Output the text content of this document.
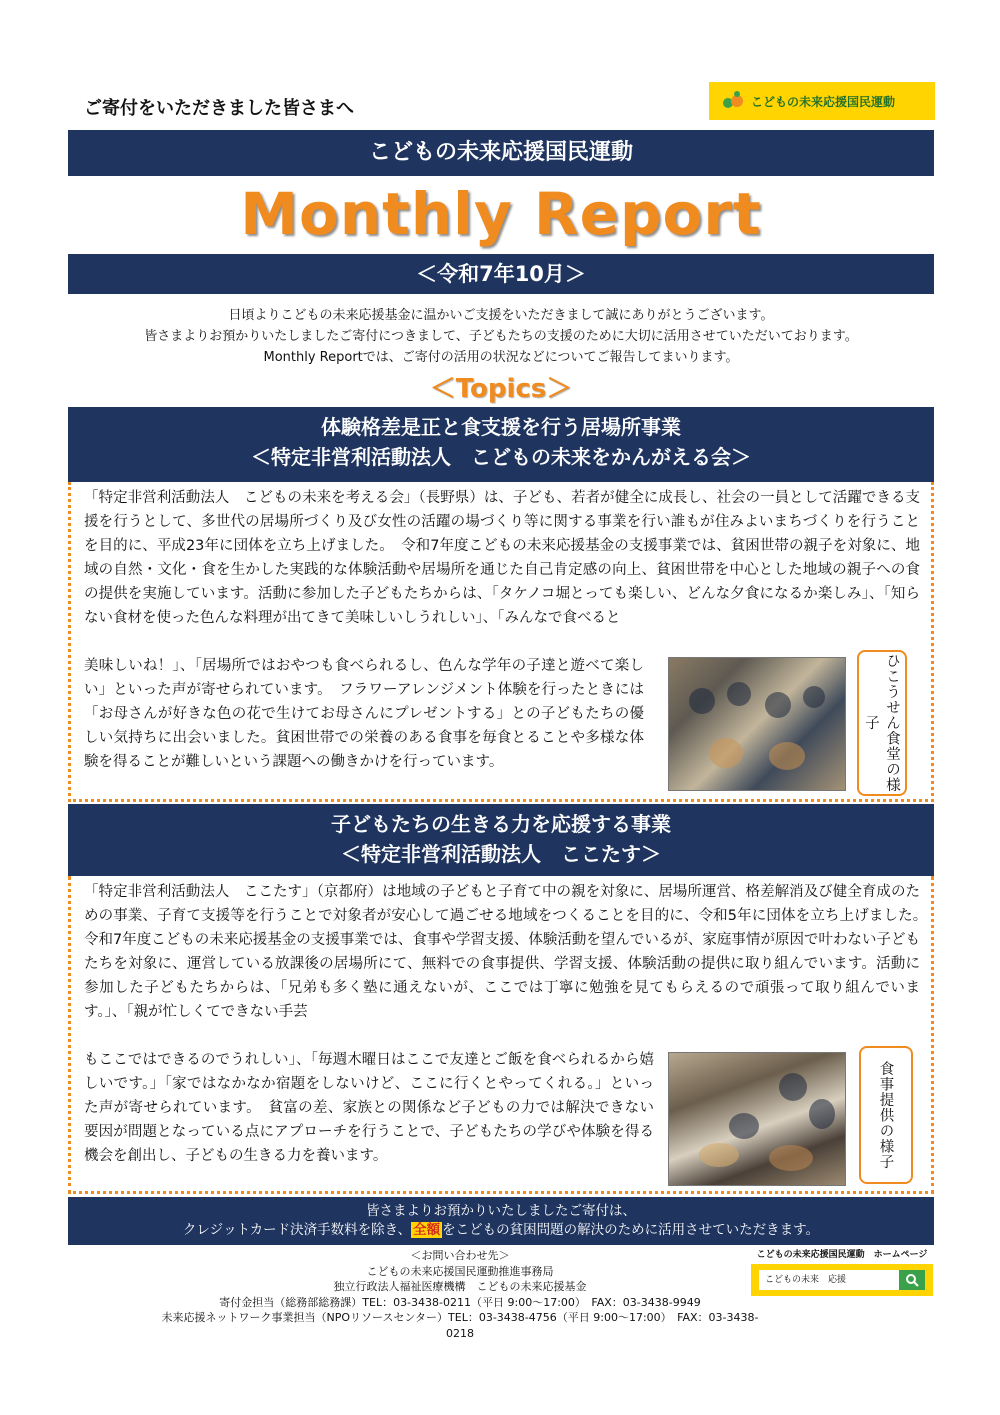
ご寄付をいただきました皆さまへ	こどもの未来応援国民運動
こどもの未来応援国民運動
Monthly Report
＜令和7年10月＞
日頃よりこどもの未来応援基金に温かいご支援をいただきまして誠にありがとうございます。
皆さまよりお預かりいたしましたご寄付につきまして、子どもたちの支援のために大切に活用させていただいております。
Monthly Reportでは、ご寄付の活用の状況などについてご報告してまいります。
＜Topics＞
体験格差是正と食支援を行う居場所事業
＜特定非営利活動法人　こどもの未来をかんがえる会＞
「特定非営利活動法人　こどもの未来を考える会」（長野県）は、子ども、若者が健全に成長し、社会の一員として活躍できる支援を行うとして、多世代の居場所づくり及び女性の活躍の場づくり等に関する事業を行い誰もが住みよいまちづくりを行うことを目的に、平成23年に団体を立ち上げました。　令和7年度こどもの未来応援基金の支援事業では、貧困世帯の親子を対象に、地域の自然・文化・食を生かした実践的な体験活動や居場所を通じた自己肯定感の向上、貧困世帯を中心とした地域の親子への食の提供を実施しています。活動に参加した子どもたちからは、「タケノコ堀とっても楽しい、どんな夕食になるか楽しみ」、「知らない食材を使った色んな料理が出てきて美味しいしうれしい」、「みんなで食べると
美味しいね！」、「居場所ではおやつも食べられるし、色んな学年の子達と遊べて楽しい」といった声が寄せられています。　フラワーアレンジメント体験を行ったときには「お母さんが好きな色の花で生けてお母さんにプレゼントする」との子どもたちの優しい気持ちに出会いました。貧困世帯での栄養のある食事を毎食とることや多様な体験を得ることが難しいという課題への働きかけを行っています。	ひこうせん食堂の様子
子どもたちの生きる力を応援する事業
＜特定非営利活動法人　ここたす＞
「特定非営利活動法人　ここたす」（京都府）は地域の子どもと子育て中の親を対象に、居場所運営、格差解消及び健全育成のための事業、子育て支援等を行うことで対象者が安心して過ごせる地域をつくることを目的に、令和5年に団体を立ち上げました。　令和7年度こどもの未来応援基金の支援事業では、食事や学習支援、体験活動を望んでいるが、家庭事情が原因で叶わない子どもたちを対象に、運営している放課後の居場所にて、無料での食事提供、学習支援、体験活動の提供に取り組んでいます。活動に参加した子どもたちからは、「兄弟も多く塾に通えないが、ここでは丁寧に勉強を見てもらえるので頑張って取り組んでいます。」、「親が忙しくてできない手芸
もここではできるのでうれしい」、「毎週木曜日はここで友達とご飯を食べられるから嬉しいです。」「家ではなかなか宿題をしないけど、ここに行くとやってくれる。」といった声が寄せられています。　貧富の差、家族との関係など子どもの力では解決できない要因が問題となっている点にアプローチを行うことで、子どもたちの学びや体験を得る機会を創出し、子どもの生きる力を養います。	食事提供の様子
皆さまよりお預かりいたしましたご寄付は、
クレジットカード決済手数料を除き、 全額 をこどもの貧困問題の解決のために活用させていただきます。
＜お問い合わせ先＞
こどもの未来応援国民運動推進事務局
独立行政法人福祉医療機構　こどもの未来応援基金
寄付金担当（総務部総務課）TEL：03-3438-0211（平日 9:00～17:00）　FAX：03-3438-9949
未来応援ネットワーク事業担当（NPOリソースセンター）TEL：03-3438-4756（平日 9:00～17:00）　FAX：03-3438-0218
こどもの未来応援国民運動　ホームページ
こどもの未来　応援
